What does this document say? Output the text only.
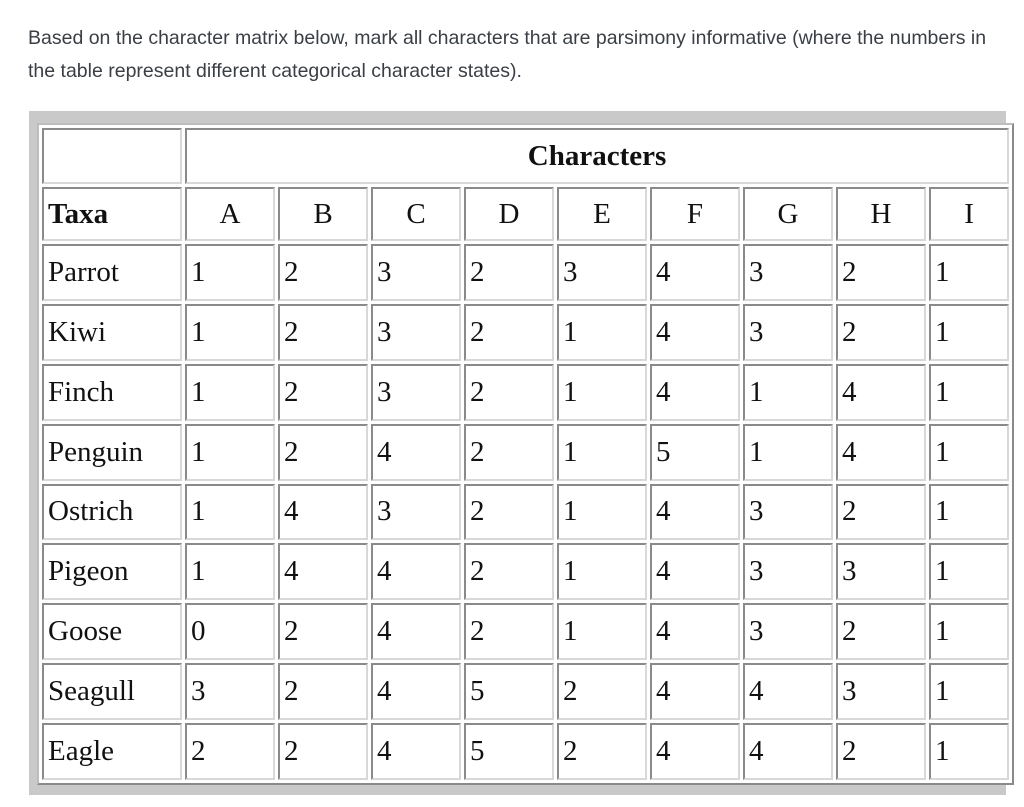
Based on the character matrix below, mark all characters that are parsimony informative (where the numbers in the table represent different categorical character states).

	Characters								
Taxa	A	B	C	D	E	F	G	H	I
Parrot	1	2	3	2	3	4	3	2	1
Kiwi	1	2	3	2	1	4	3	2	1
Finch	1	2	3	2	1	4	1	4	1
Penguin	1	2	4	2	1	5	1	4	1
Ostrich	1	4	3	2	1	4	3	2	1
Pigeon	1	4	4	2	1	4	3	3	1
Goose	0	2	4	2	1	4	3	2	1
Seagull	3	2	4	5	2	4	4	3	1
Eagle	2	2	4	5	2	4	4	2	1
